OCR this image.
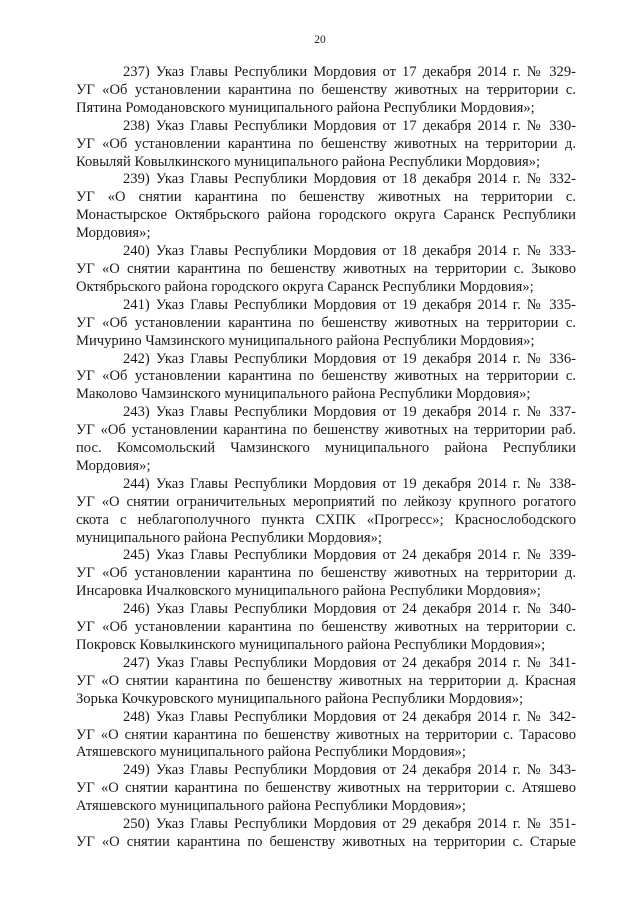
20
237) Указ Главы Республики Мордовия от 17 декабря 2014 г. № 329-
УГ «Об установлении карантина по бешенству животных на территории с.
Пятина Ромодановского муниципального района Республики Мордовия»;
238) Указ Главы Республики Мордовия от 17 декабря 2014 г. № 330-
УГ «Об установлении карантина по бешенству животных на территории д.
Ковыляй Ковылкинского муниципального района Республики Мордовия»;
239) Указ Главы Республики Мордовия от 18 декабря 2014 г. № 332-
УГ «О снятии карантина по бешенству животных на территории с.
Монастырское Октябрьского района городского округа Саранск Республики
Мордовия»;
240) Указ Главы Республики Мордовия от 18 декабря 2014 г. № 333-
УГ «О снятии карантина по бешенству животных на территории с. Зыково
Октябрьского района городского округа Саранск Республики Мордовия»;
241) Указ Главы Республики Мордовия от 19 декабря 2014 г. № 335-
УГ «Об установлении карантина по бешенству животных на территории с.
Мичурино Чамзинского муниципального района Республики Мордовия»;
242) Указ Главы Республики Мордовия от 19 декабря 2014 г. № 336-
УГ «Об установлении карантина по бешенству животных на территории с.
Маколово Чамзинского муниципального района Республики Мордовия»;
243) Указ Главы Республики Мордовия от 19 декабря 2014 г. № 337-
УГ «Об установлении карантина по бешенству животных на территории раб.
пос. Комсомольский Чамзинского муниципального района Республики
Мордовия»;
244) Указ Главы Республики Мордовия от 19 декабря 2014 г. № 338-
УГ «О снятии ограничительных мероприятий по лейкозу крупного рогатого
скота с неблагополучного пункта СХПК «Прогресс»; Краснослободского
муниципального района Республики Мордовия»;
245) Указ Главы Республики Мордовия от 24 декабря 2014 г. № 339-
УГ «Об установлении карантина по бешенству животных на территории д.
Инсаровка Ичалковского муниципального района Республики Мордовия»;
246) Указ Главы Республики Мордовия от 24 декабря 2014 г. № 340-
УГ «Об установлении карантина по бешенству животных на территории с.
Покровск Ковылкинского муниципального района Республики Мордовия»;
247) Указ Главы Республики Мордовия от 24 декабря 2014 г. № 341-
УГ «О снятии карантина по бешенству животных на территории д. Красная
Зорька Кочкуровского муниципального района Республики Мордовия»;
248) Указ Главы Республики Мордовия от 24 декабря 2014 г. № 342-
УГ «О снятии карантина по бешенству животных на территории с. Тарасово
Атяшевского муниципального района Республики Мордовия»;
249) Указ Главы Республики Мордовия от 24 декабря 2014 г. № 343-
УГ «О снятии карантина по бешенству животных на территории с. Атяшево
Атяшевского муниципального района Республики Мордовия»;
250) Указ Главы Республики Мордовия от 29 декабря 2014 г. № 351-
УГ «О снятии карантина по бешенству животных на территории с. Старые
